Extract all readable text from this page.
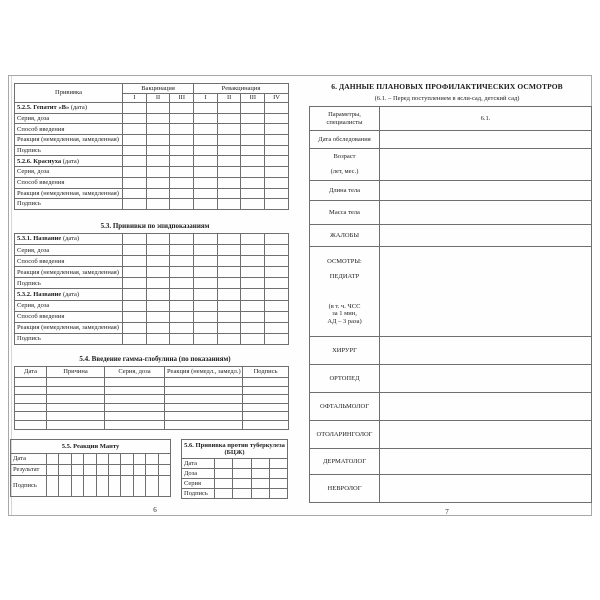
Прививка	Вакцинация			Ревакцинация			
	I	II	III	I	II	III	IV
5.2.5. Гепатит «В» (дата)							
Серия, доза							
Способ введения							
Реакция (немедленная, замедленная)							
Подпись							
5.2.6. Краснуха (дата)							
Серия, доза							
Способ введения							
Реакция (немедленная, замедленная)							
Подпись							
5.3. Прививки по эпидпоказаниям
5.3.1. Название (дата)							
Серия, доза							
Способ введения							
Реакция (немедленная, замедленная)							
Подпись							
5.3.2. Название (дата)							
Серия, доза							
Способ введения							
Реакция (немедленная, замедленная)							
Подпись							
5.4. Введение гамма-глобулина (по показаниям)
Дата	Причина	Серия, доза	Реакция (немедл., замедл.)	Подпись

5.5. Реакции Манту										
Дата										
Результат										
Подпись										
5.6. Прививка против туберкулеза (БЦЖ)				
Дата				
Доза				
Серия				
Подпись				
6
6. ДАННЫЕ ПЛАНОВЫХ ПРОФИЛАКТИЧЕСКИХ ОСМОТРОВ
(6.1. – Перед поступлением в ясли-сад, детский сад)
Параметры,
специалисты	6.1.

Дата обследования	

Возраст
(лет, мес.)	

Длина тела	

Масса тела	

ЖАЛОБЫ	

ОСМОТРЫ:
ПЕДИАТР
(в т. ч. ЧСС
за 1 мин,
АД – 3 раза)	

ХИРУРГ	

ОРТОПЕД	

ОФТАЛЬМОЛОГ	

ОТОЛАРИНГОЛОГ	

ДЕРМАТОЛОГ	

НЕВРОЛОГ	

7
